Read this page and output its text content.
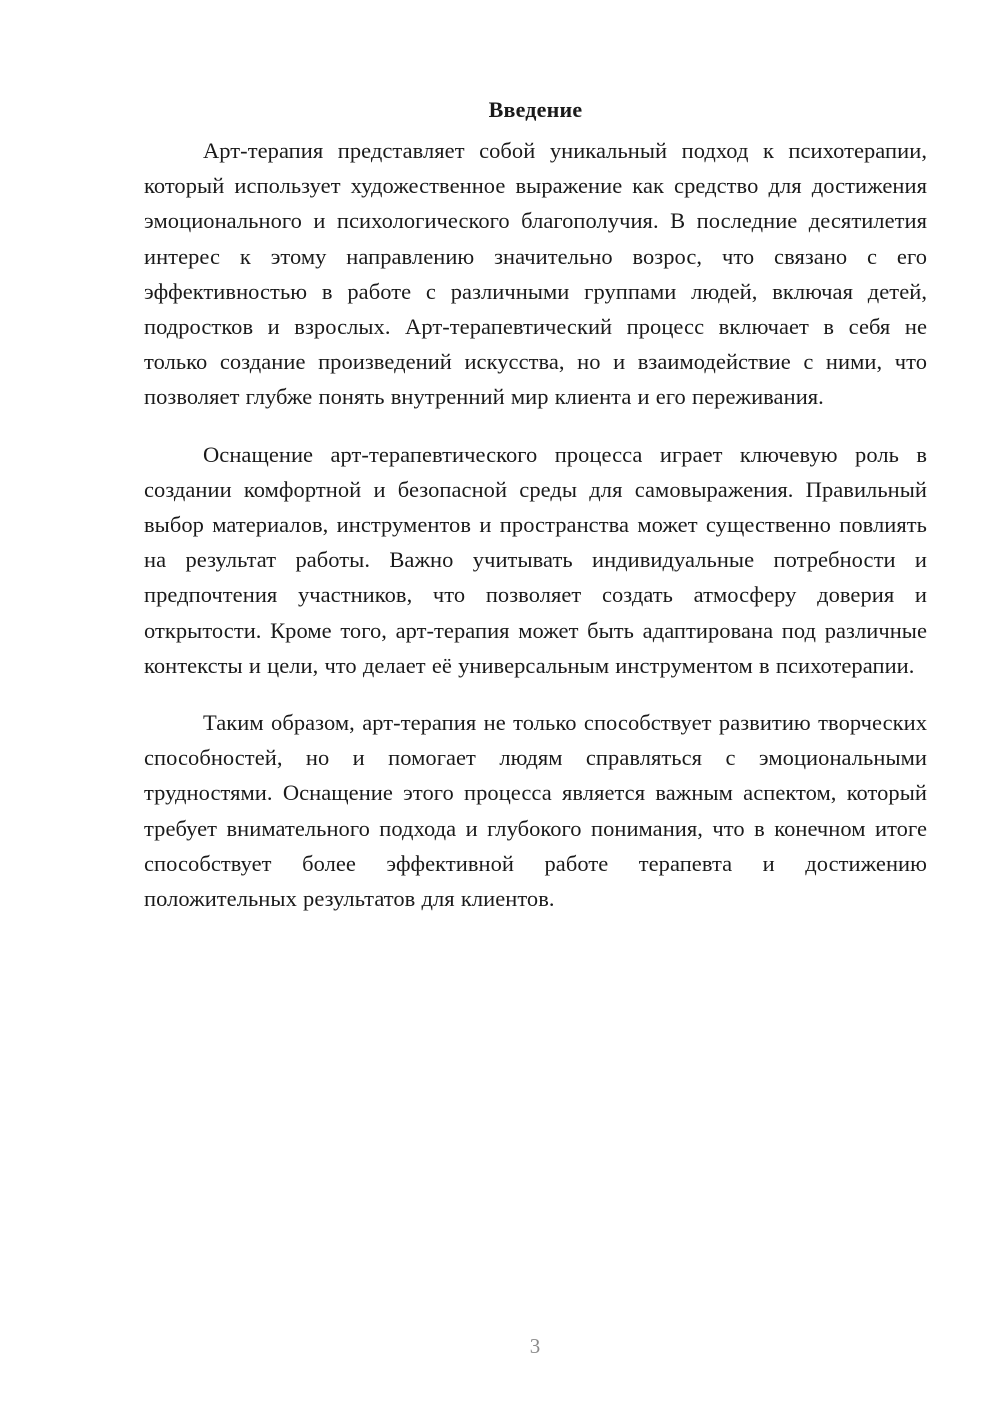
Введение

Арт-терапия представляет собой уникальный подход к психотерапии, который использует художественное выражение как средство для достижения эмоционального и психологического благополучия. В последние десятилетия интерес к этому направлению значительно возрос, что связано с его эффективностью в работе с различными группами людей, включая детей, подростков и взрослых. Арт-терапевтический процесс включает в себя не только создание произведений искусства, но и взаимодействие с ними, что позволяет глубже понять внутренний мир клиента и его переживания.

Оснащение арт-терапевтического процесса играет ключевую роль в создании комфортной и безопасной среды для самовыражения. Правильный выбор материалов, инструментов и пространства может существенно повлиять на результат работы. Важно учитывать индивидуальные потребности и предпочтения участников, что позволяет создать атмосферу доверия и открытости. Кроме того, арт-терапия может быть адаптирована под различные контексты и цели, что делает её универсальным инструментом в психотерапии.

Таким образом, арт-терапия не только способствует развитию творческих способностей, но и помогает людям справляться с эмоциональными трудностями. Оснащение этого процесса является важным аспектом, который требует внимательного подхода и глубокого понимания, что в конечном итоге способствует более эффективной работе терапевта и достижению положительных результатов для клиентов.

3
